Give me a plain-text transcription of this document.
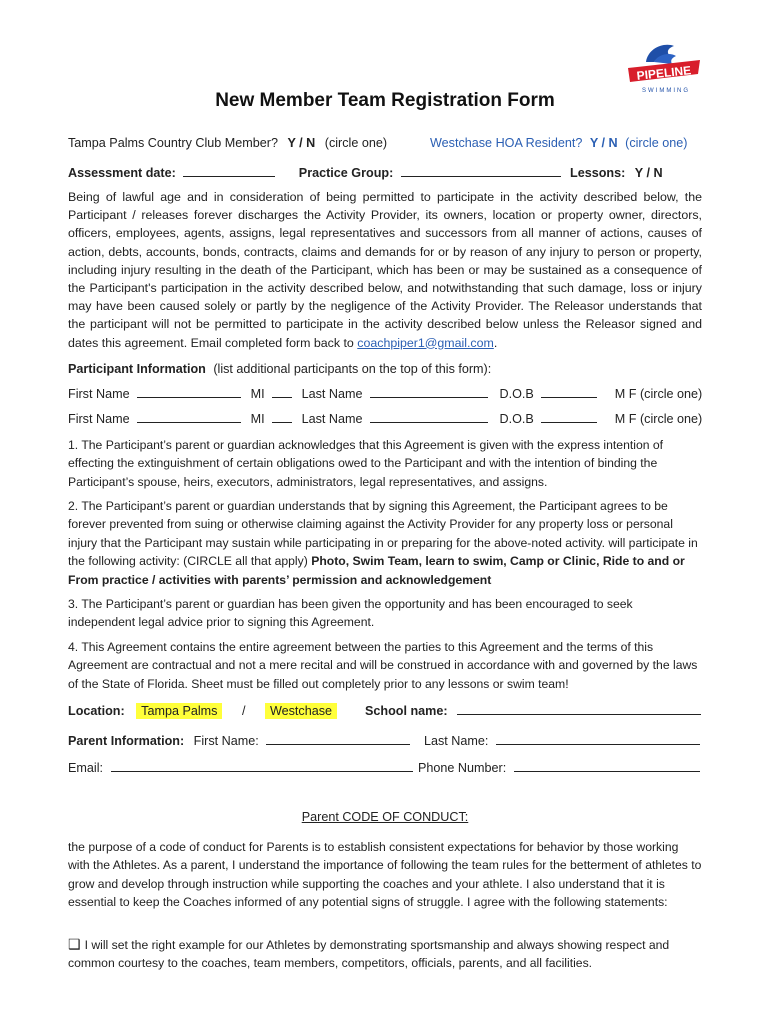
PIPELINE
SWIMMING
New Member Team Registration Form
Tampa Palms Country Club Member? Y / N (circle one)	Westchase HOA Resident? Y / N (circle one)
Assessment date:	Practice Group:	Lessons: Y / N
Being of lawful age and in consideration of being permitted to participate in the activity described below, the Participant / releases forever discharges the Activity Provider, its owners, location or property owner, directors, officers, employees, agents, assigns, legal representatives and successors from all manner of actions, causes of action, debts, accounts, bonds, contracts, claims and demands for or by reason of any injury to person or property, including injury resulting in the death of the Participant, which has been or may be sustained as a consequence of the Participant's participation in the activity described below, and notwithstanding that such damage, loss or injury may have been caused solely or partly by the negligence of the Activity Provider. The Releasor understands that the participant will not be permitted to participate in the activity described below unless the Releasor signed and dates this agreement. Email completed form back to coachpiper1@gmail.com.
Participant Information (list additional participants on the top of this form):
First Name	MI	Last Name	D.O.B	M F (circle one)
First Name	MI	Last Name	D.O.B	M F (circle one)
1. The Participant’s parent or guardian acknowledges that this Agreement is given with the express intention of effecting the extinguishment of certain obligations owed to the Participant and with the intention of binding the Participant’s spouse, heirs, executors, administrators, legal representatives, and assigns.
2. The Participant’s parent or guardian understands that by signing this Agreement, the Participant agrees to be forever prevented from suing or otherwise claiming against the Activity Provider for any property loss or personal injury that the Participant may sustain while participating in or preparing for the above-noted activity. will participate in the following activity: (CIRCLE all that apply) Photo, Swim Team, learn to swim, Camp or Clinic, Ride to and or From practice / activities with parents’ permission and acknowledgement
3. The Participant’s parent or guardian has been given the opportunity and has been encouraged to seek independent legal advice prior to signing this Agreement.
4. This Agreement contains the entire agreement between the parties to this Agreement and the terms of this Agreement are contractual and not a mere recital and will be construed in accordance with and governed by the laws of the State of Florida. Sheet must be filled out completely prior to any lessons or swim team!
Location: Tampa Palms / Westchase	School name:
Parent Information: First Name:	Last Name:
Email:	Phone Number:
Parent CODE OF CONDUCT:
the purpose of a code of conduct for Parents is to establish consistent expectations for behavior by those working with the Athletes. As a parent, I understand the importance of following the team rules for the betterment of athletes to grow and develop through instruction while supporting the coaches and your athlete. I also understand that it is essential to keep the Coaches informed of any potential signs of struggle. I agree with the following statements:
❑ I will set the right example for our Athletes by demonstrating sportsmanship and always showing respect and common courtesy to the coaches, team members, competitors, officials, parents, and all facilities.
